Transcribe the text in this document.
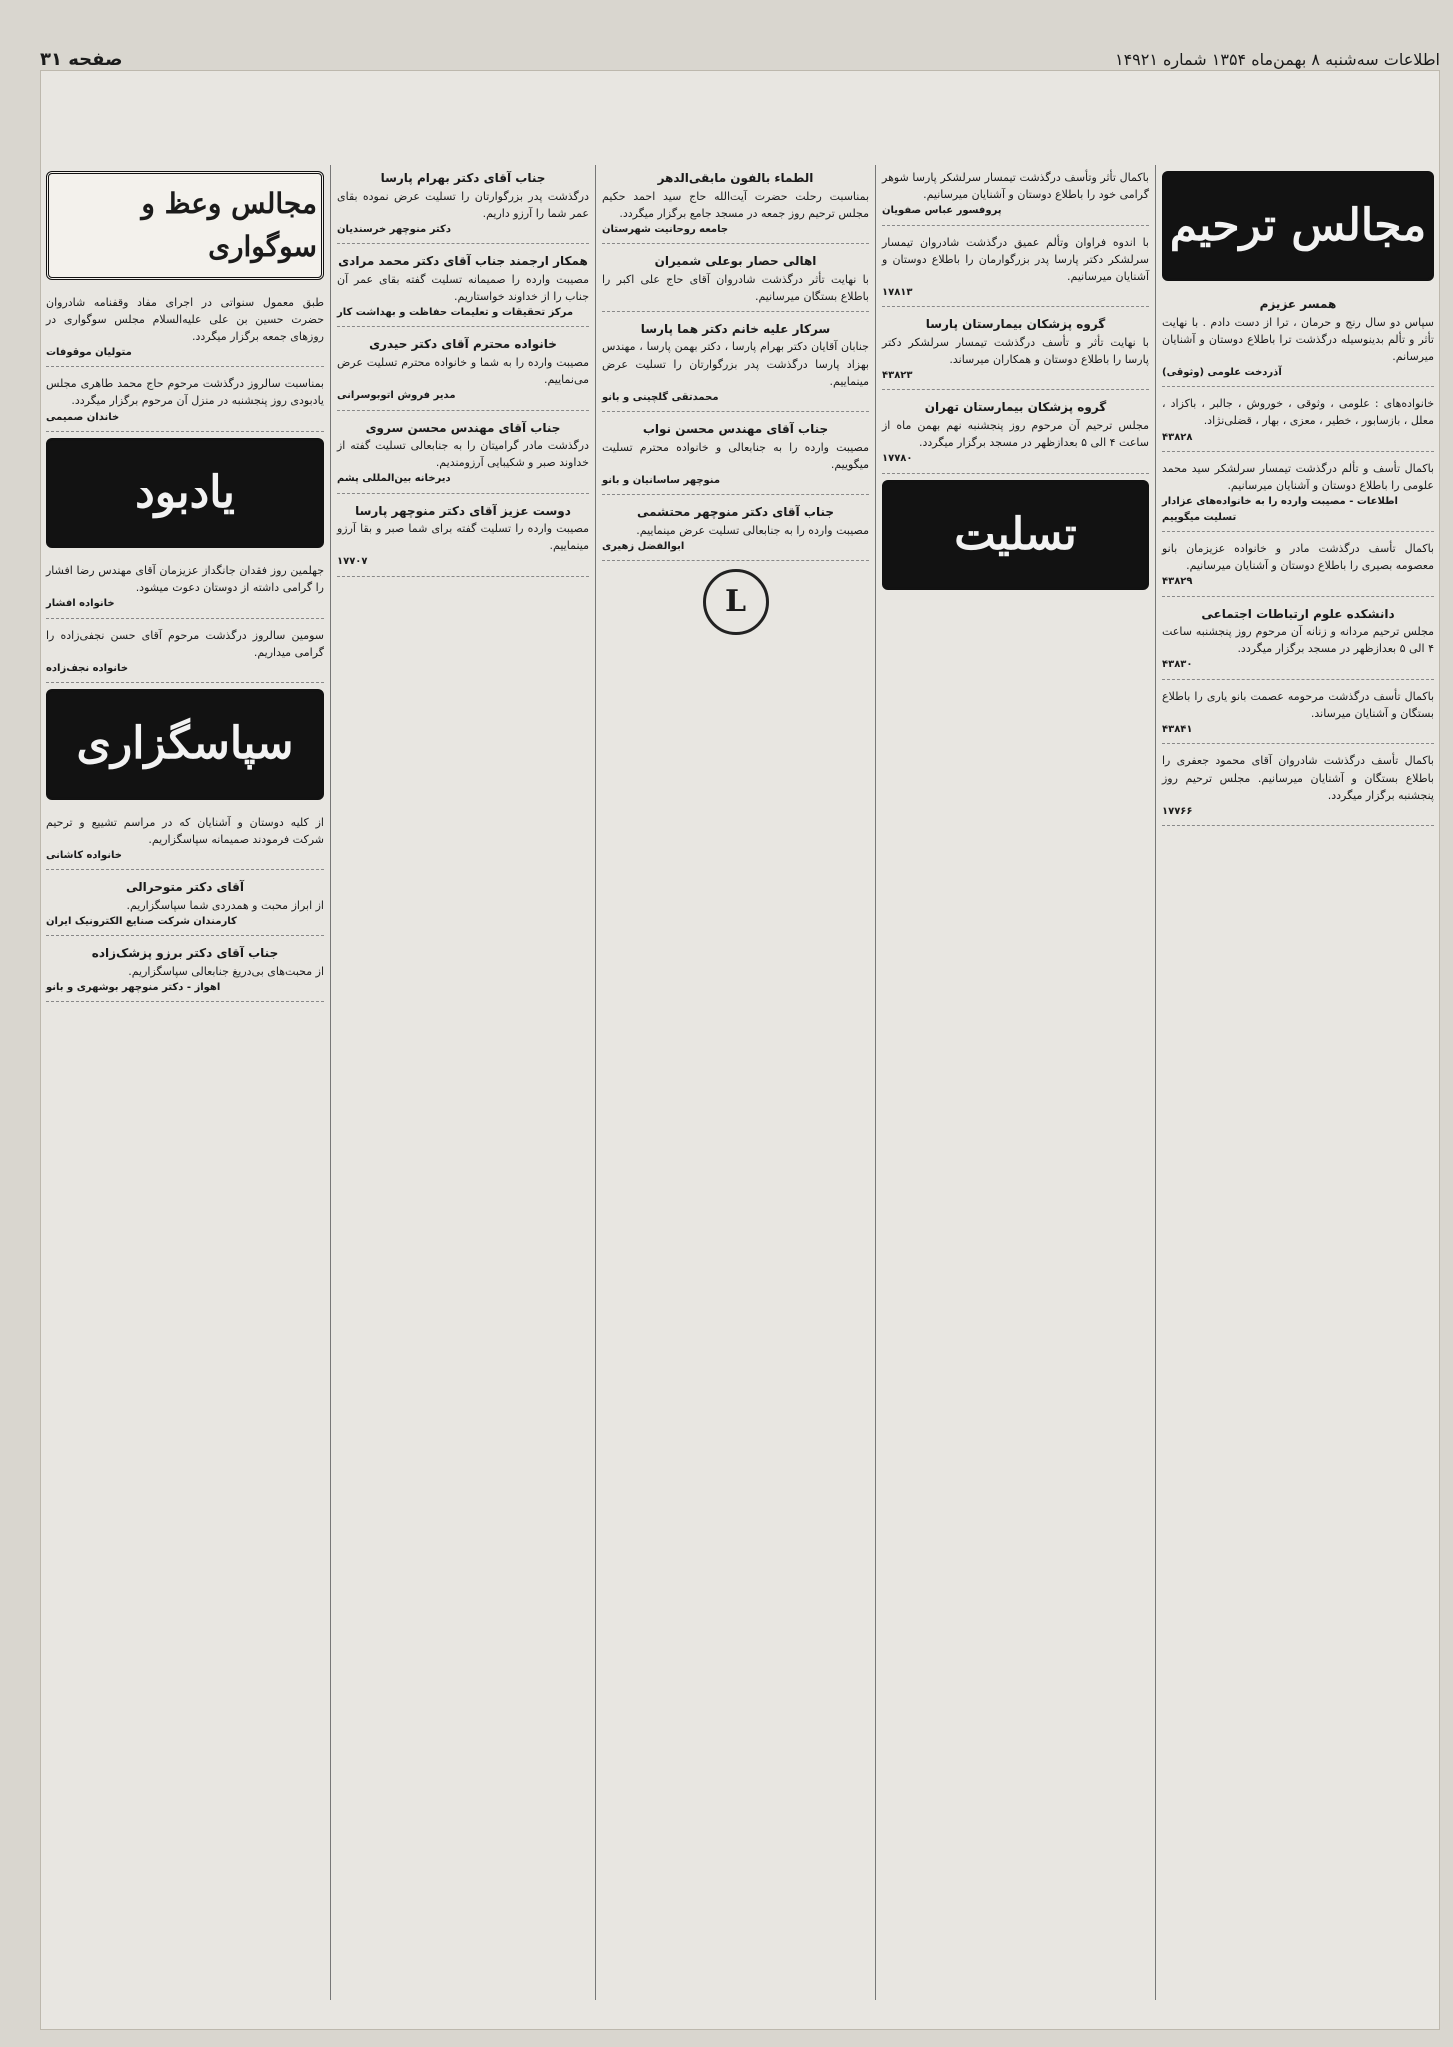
صفحه ۳۱	اطلاعات سه‌شنبه ۸ بهمن‌ماه ۱۳۵۴ شماره ۱۴۹۲۱
مجالس ترحیم
همسر عزیزم
سپاس دو سال رنج و حرمان ، ترا از دست دادم . با نهایت تأثر و تألم بدینوسیله درگذشت ترا باطلاع دوستان و آشنایان میرسانم.
آذردخت علومی (وثوقی)
خانواده‌های : علومی ، وثوقی ، خوروش ، جالبر ، باکزاد ، معلل ، بازسابور ، خطیر ، معزی ، بهار ، قضلی‌نژاد.
۴۳۸۲۸
باکمال تأسف و تألم درگذشت تیمسار سرلشکر سید محمد علومی را باطلاع دوستان و آشنایان میرسانیم.
اطلاعات - مصیبت وارده را به خانواده‌های عزادار تسلیت میگوییم
باکمال تأسف درگذشت مادر و خانواده عزیزمان بانو معصومه بصیری را باطلاع دوستان و آشنایان میرسانیم.
۴۳۸۲۹
دانشکده علوم ارتباطات اجتماعی
مجلس ترحیم مردانه و زنانه آن مرحوم روز پنجشنبه ساعت ۴ الی ۵ بعدازظهر در مسجد برگزار میگردد.
۴۳۸۳۰
باکمال تأسف درگذشت مرحومه عصمت بانو یاری را باطلاع بستگان و آشنایان میرساند.
۴۳۸۴۱
باکمال تأسف درگذشت شادروان آقای محمود جعفری را باطلاع بستگان و آشنایان میرسانیم. مجلس ترحیم روز پنجشنبه برگزار میگردد.
۱۷۷۶۶
باکمال تأثر وتأسف درگذشت تیمسار سرلشکر پارسا شوهر گرامی خود را باطلاع دوستان و آشنایان میرسانیم.
پروفسور عباس صفویان
با اندوه فراوان وتألم عمیق درگذشت شادروان تیمسار سرلشکر دکتر پارسا پدر بزرگوارمان را باطلاع دوستان و آشنایان میرسانیم.
۱۷۸۱۳
گروه پزشکان بیمارستان پارسا
با نهایت تأثر و تأسف درگذشت تیمسار سرلشکر دکتر پارسا را باطلاع دوستان و همکاران میرساند.
۴۳۸۲۳
گروه پزشکان بیمارستان تهران
مجلس ترحیم آن مرحوم روز پنجشنبه نهم بهمن ماه از ساعت ۴ الی ۵ بعدازظهر در مسجد برگزار میگردد.
۱۷۷۸۰
تسلیت
الطماء بالفون مابقی‌الدهر
بمناسبت رحلت حضرت آیت‌الله حاج سید احمد حکیم مجلس ترحیم روز جمعه در مسجد جامع برگزار میگردد.
جامعه روحانیت شهرستان
اهالی حصار بوعلی شمیران
با نهایت تأثر درگذشت شادروان آقای حاج علی اکبر را باطلاع بستگان میرسانیم.
سرکار علیه خانم دکتر هما پارسا
جنابان آقایان دکتر بهرام پارسا ، دکتر بهمن پارسا ، مهندس بهزاد پارسا درگذشت پدر بزرگوارتان را تسلیت عرض مینماییم.
محمدتقی گلچینی و بانو
جناب آقای مهندس محسن نواب
مصیبت وارده را به جنابعالی و خانواده محترم تسلیت میگوییم.
منوچهر ساسانیان و بانو
جناب آقای دکتر منوچهر محتشمی
مصیبت وارده را به جنابعالی تسلیت عرض مینماییم.
ابوالفضل زهیری
L
جناب آقای دکتر بهرام پارسا
درگذشت پدر بزرگوارتان را تسلیت عرض نموده بقای عمر شما را آرزو داریم.
دکتر منوچهر خرسندیان
همکار ارجمند جناب آقای دکتر محمد مرادی
مصیبت وارده را صمیمانه تسلیت گفته بقای عمر آن جناب را از خداوند خواستاریم.
مرکز تحقیقات و تعلیمات حفاظت و بهداشت کار
خانواده محترم آقای دکتر حیدری
مصیبت وارده را به شما و خانواده محترم تسلیت عرض می‌نماییم.
مدیر فروش اتوبوسرانی
جناب آقای مهندس محسن سروی
درگذشت مادر گرامیتان را به جنابعالی تسلیت گفته از خداوند صبر و شکیبایی آرزومندیم.
دیرخانه بین‌المللی پشم
دوست عزیز آقای دکتر منوچهر پارسا
مصیبت وارده را تسلیت گفته برای شما صبر و بقا آرزو مینماییم.
۱۷۷۰۷
مجالس وعظ و سوگواری
طبق معمول سنواتی در اجرای مفاد وقفنامه شادروان حضرت حسین بن علی علیه‌السلام مجلس سوگواری در روزهای جمعه برگزار میگردد.
متولیان موقوفات
بمناسبت سالروز درگذشت مرحوم حاج محمد طاهری مجلس یادبودی روز پنجشنبه در منزل آن مرحوم برگزار میگردد.
خاندان صمیمی
یادبود
جهلمین روز فقدان جانگداز عزیزمان آقای مهندس رضا افشار را گرامی داشته از دوستان دعوت میشود.
خانواده افشار
سومین سالروز درگذشت مرحوم آقای حسن نجفی‌زاده را گرامی میداریم.
خانواده نجف‌زاده
سپاسگزاری
از کلیه دوستان و آشنایان که در مراسم تشییع و ترحیم شرکت فرمودند صمیمانه سپاسگزاریم.
خانواده کاشانی
آقای دکتر متوحرالی
از ابراز محبت و همدردی شما سپاسگزاریم.
کارمندان شرکت صنایع الکترونیک ایران
جناب آقای دکتر برزو پزشک‌زاده
از محبت‌های بی‌دریغ جنابعالی سپاسگزاریم.
اهواز - دکتر منوچهر بوشهری و بانو
